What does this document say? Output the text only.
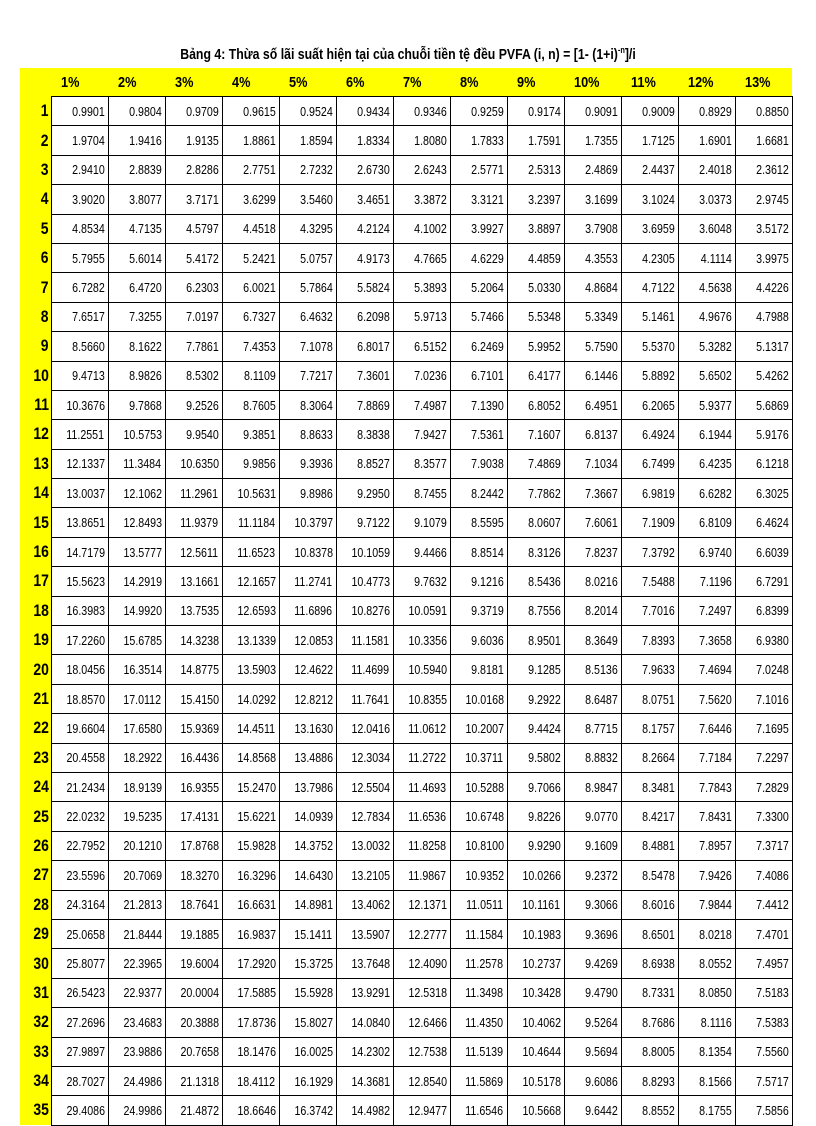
Bảng 4: Thừa số lãi suất hiện tại của chuỗi tiền tệ đều PVFA (i, n) = [1- $(1+i)^{-n}]/i$
	1%	2%	3%	4%	5%	6%	7%	8%	9%	10%	11%	12%	13%
1	0.9901	0.9804	0.9709	0.9615	0.9524	0.9434	0.9346	0.9259	0.9174	0.9091	0.9009	0.8929	0.8850
2	1.9704	1.9416	1.9135	1.8861	1.8594	1.8334	1.8080	1.7833	1.7591	1.7355	1.7125	1.6901	1.6681
3	2.9410	2.8839	2.8286	2.7751	2.7232	2.6730	2.6243	2.5771	2.5313	2.4869	2.4437	2.4018	2.3612
4	3.9020	3.8077	3.7171	3.6299	3.5460	3.4651	3.3872	3.3121	3.2397	3.1699	3.1024	3.0373	2.9745
5	4.8534	4.7135	4.5797	4.4518	4.3295	4.2124	4.1002	3.9927	3.8897	3.7908	3.6959	3.6048	3.5172
6	5.7955	5.6014	5.4172	5.2421	5.0757	4.9173	4.7665	4.6229	4.4859	4.3553	4.2305	4.1114	3.9975
7	6.7282	6.4720	6.2303	6.0021	5.7864	5.5824	5.3893	5.2064	5.0330	4.8684	4.7122	4.5638	4.4226
8	7.6517	7.3255	7.0197	6.7327	6.4632	6.2098	5.9713	5.7466	5.5348	5.3349	5.1461	4.9676	4.7988
9	8.5660	8.1622	7.7861	7.4353	7.1078	6.8017	6.5152	6.2469	5.9952	5.7590	5.5370	5.3282	5.1317
10	9.4713	8.9826	8.5302	8.1109	7.7217	7.3601	7.0236	6.7101	6.4177	6.1446	5.8892	5.6502	5.4262
11	10.3676	9.7868	9.2526	8.7605	8.3064	7.8869	7.4987	7.1390	6.8052	6.4951	6.2065	5.9377	5.6869
12	11.2551	10.5753	9.9540	9.3851	8.8633	8.3838	7.9427	7.5361	7.1607	6.8137	6.4924	6.1944	5.9176
13	12.1337	11.3484	10.6350	9.9856	9.3936	8.8527	8.3577	7.9038	7.4869	7.1034	6.7499	6.4235	6.1218
14	13.0037	12.1062	11.2961	10.5631	9.8986	9.2950	8.7455	8.2442	7.7862	7.3667	6.9819	6.6282	6.3025
15	13.8651	12.8493	11.9379	11.1184	10.3797	9.7122	9.1079	8.5595	8.0607	7.6061	7.1909	6.8109	6.4624
16	14.7179	13.5777	12.5611	11.6523	10.8378	10.1059	9.4466	8.8514	8.3126	7.8237	7.3792	6.9740	6.6039
17	15.5623	14.2919	13.1661	12.1657	11.2741	10.4773	9.7632	9.1216	8.5436	8.0216	7.5488	7.1196	6.7291
18	16.3983	14.9920	13.7535	12.6593	11.6896	10.8276	10.0591	9.3719	8.7556	8.2014	7.7016	7.2497	6.8399
19	17.2260	15.6785	14.3238	13.1339	12.0853	11.1581	10.3356	9.6036	8.9501	8.3649	7.8393	7.3658	6.9380
20	18.0456	16.3514	14.8775	13.5903	12.4622	11.4699	10.5940	9.8181	9.1285	8.5136	7.9633	7.4694	7.0248
21	18.8570	17.0112	15.4150	14.0292	12.8212	11.7641	10.8355	10.0168	9.2922	8.6487	8.0751	7.5620	7.1016
22	19.6604	17.6580	15.9369	14.4511	13.1630	12.0416	11.0612	10.2007	9.4424	8.7715	8.1757	7.6446	7.1695
23	20.4558	18.2922	16.4436	14.8568	13.4886	12.3034	11.2722	10.3711	9.5802	8.8832	8.2664	7.7184	7.2297
24	21.2434	18.9139	16.9355	15.2470	13.7986	12.5504	11.4693	10.5288	9.7066	8.9847	8.3481	7.7843	7.2829
25	22.0232	19.5235	17.4131	15.6221	14.0939	12.7834	11.6536	10.6748	9.8226	9.0770	8.4217	7.8431	7.3300
26	22.7952	20.1210	17.8768	15.9828	14.3752	13.0032	11.8258	10.8100	9.9290	9.1609	8.4881	7.8957	7.3717
27	23.5596	20.7069	18.3270	16.3296	14.6430	13.2105	11.9867	10.9352	10.0266	9.2372	8.5478	7.9426	7.4086
28	24.3164	21.2813	18.7641	16.6631	14.8981	13.4062	12.1371	11.0511	10.1161	9.3066	8.6016	7.9844	7.4412
29	25.0658	21.8444	19.1885	16.9837	15.1411	13.5907	12.2777	11.1584	10.1983	9.3696	8.6501	8.0218	7.4701
30	25.8077	22.3965	19.6004	17.2920	15.3725	13.7648	12.4090	11.2578	10.2737	9.4269	8.6938	8.0552	7.4957
31	26.5423	22.9377	20.0004	17.5885	15.5928	13.9291	12.5318	11.3498	10.3428	9.4790	8.7331	8.0850	7.5183
32	27.2696	23.4683	20.3888	17.8736	15.8027	14.0840	12.6466	11.4350	10.4062	9.5264	8.7686	8.1116	7.5383
33	27.9897	23.9886	20.7658	18.1476	16.0025	14.2302	12.7538	11.5139	10.4644	9.5694	8.8005	8.1354	7.5560
34	28.7027	24.4986	21.1318	18.4112	16.1929	14.3681	12.8540	11.5869	10.5178	9.6086	8.8293	8.1566	7.5717
35	29.4086	24.9986	21.4872	18.6646	16.3742	14.4982	12.9477	11.6546	10.5668	9.6442	8.8552	8.1755	7.5856
